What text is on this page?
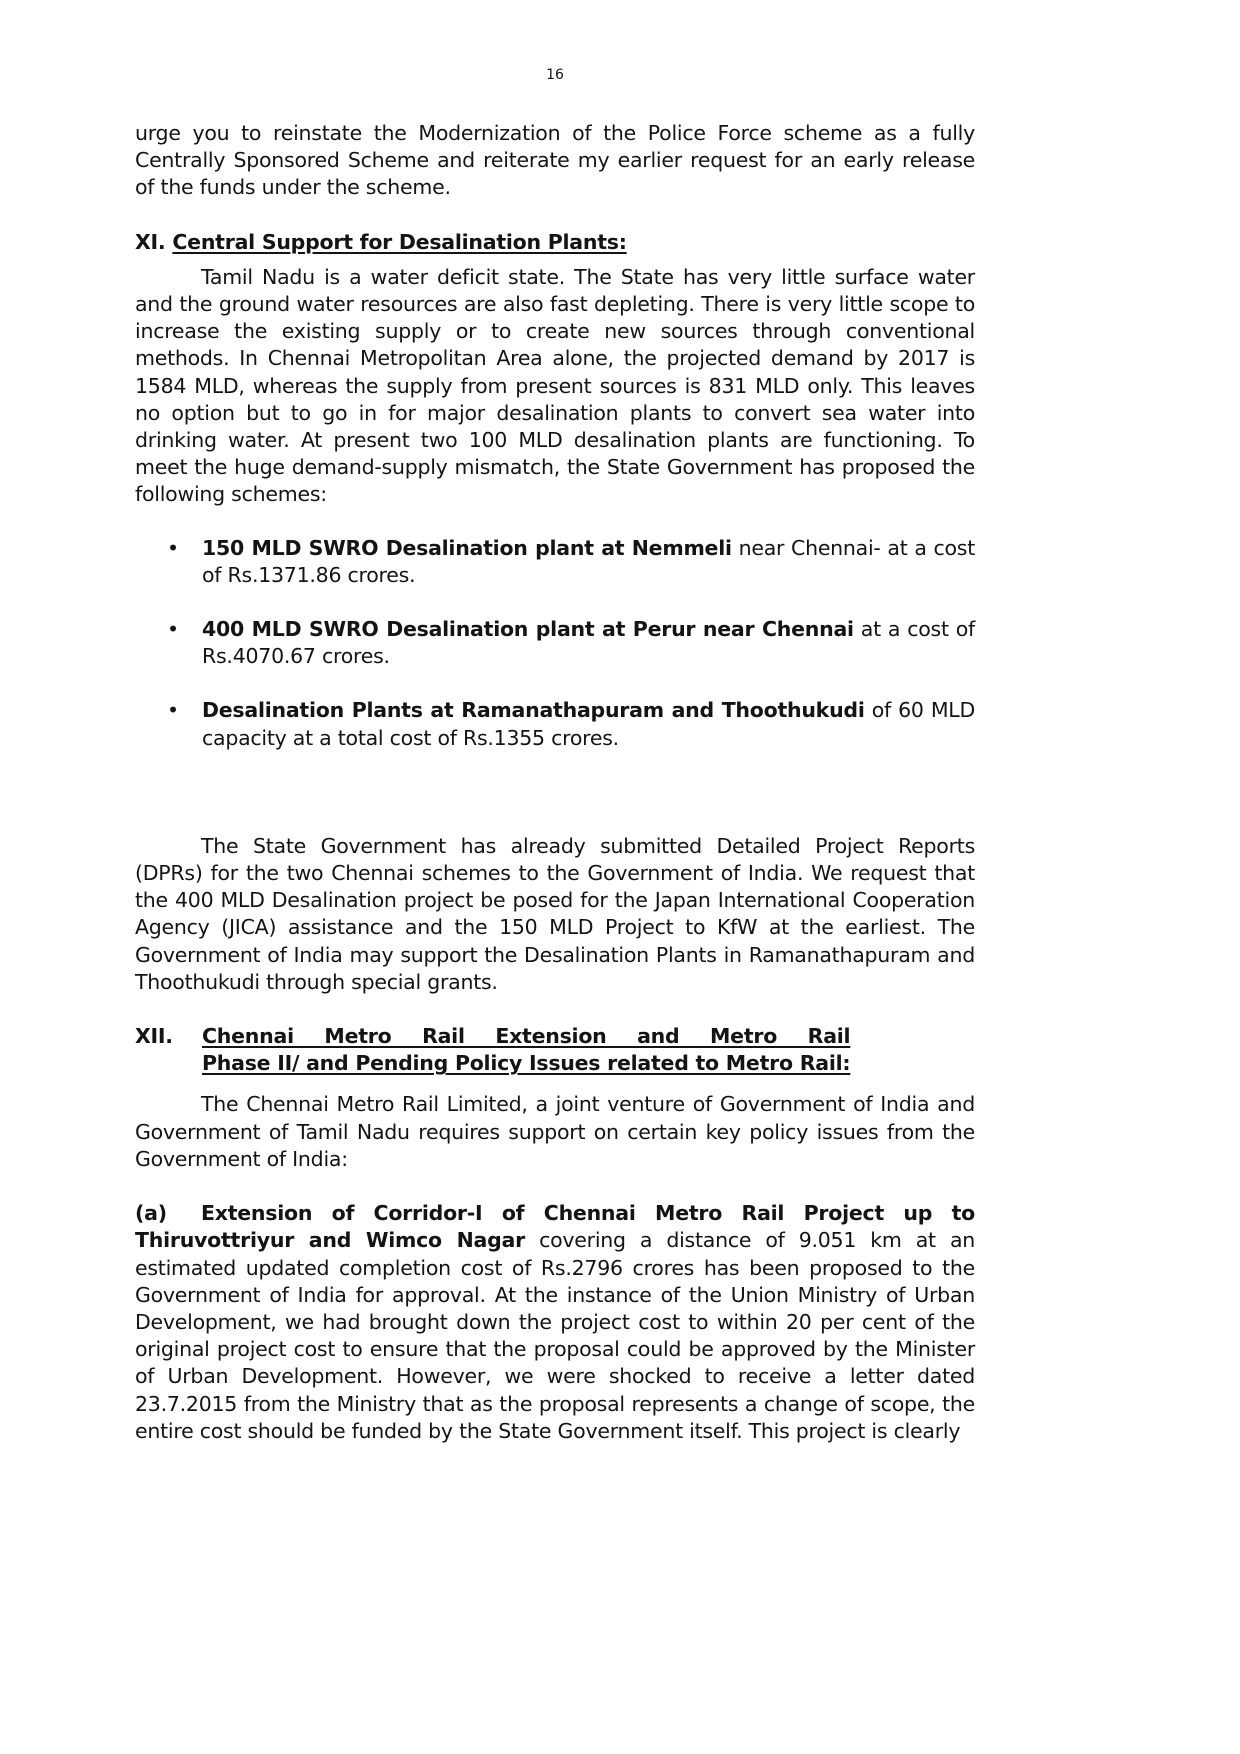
16

urge you to reinstate the Modernization of the Police Force scheme as a fully Centrally Sponsored Scheme and reiterate my earlier request for an early release of the funds under the scheme.

XI. Central Support for Desalination Plants:

Tamil Nadu is a water deficit state. The State has very little surface water and the ground water resources are also fast depleting. There is very little scope to increase the existing supply or to create new sources through conventional methods. In Chennai Metropolitan Area alone, the projected demand by 2017 is 1584 MLD, whereas the supply from present sources is 831 MLD only. This leaves no option but to go in for major desalination plants to convert sea water into drinking water. At present two 100 MLD desalination plants are functioning. To meet the huge demand-supply mismatch, the State Government has proposed the following schemes:

• 150 MLD SWRO Desalination plant at Nemmeli near Chennai- at a cost of Rs.1371.86 crores.
• 400 MLD SWRO Desalination plant at Perur near Chennai at a cost of Rs.4070.67 crores.
• Desalination Plants at Ramanathapuram and Thoothukudi of 60 MLD capacity at a total cost of Rs.1355 crores.

The State Government has already submitted Detailed Project Reports (DPRs) for the two Chennai schemes to the Government of India. We request that the 400 MLD Desalination project be posed for the Japan International Cooperation Agency (JICA) assistance and the 150 MLD Project to KfW at the earliest. The Government of India may support the Desalination Plants in Ramanathapuram and Thoothukudi through special grants.

XII.	Chennai Metro Rail Extension and Metro Rail
Phase II/ and Pending Policy Issues related to Metro Rail:

The Chennai Metro Rail Limited, a joint venture of Government of India and Government of Tamil Nadu requires support on certain key policy issues from the Government of India:

(a) Extension of Corridor-I of Chennai Metro Rail Project up to Thiruvottriyur and Wimco Nagar covering a distance of 9.051 km at an estimated updated completion cost of Rs.2796 crores has been proposed to the Government of India for approval. At the instance of the Union Ministry of Urban Development, we had brought down the project cost to within 20 per cent of the original project cost to ensure that the proposal could be approved by the Minister of Urban Development. However, we were shocked to receive a letter dated 23.7.2015 from the Ministry that as the proposal represents a change of scope, the entire cost should be funded by the State Government itself. This project is clearly
